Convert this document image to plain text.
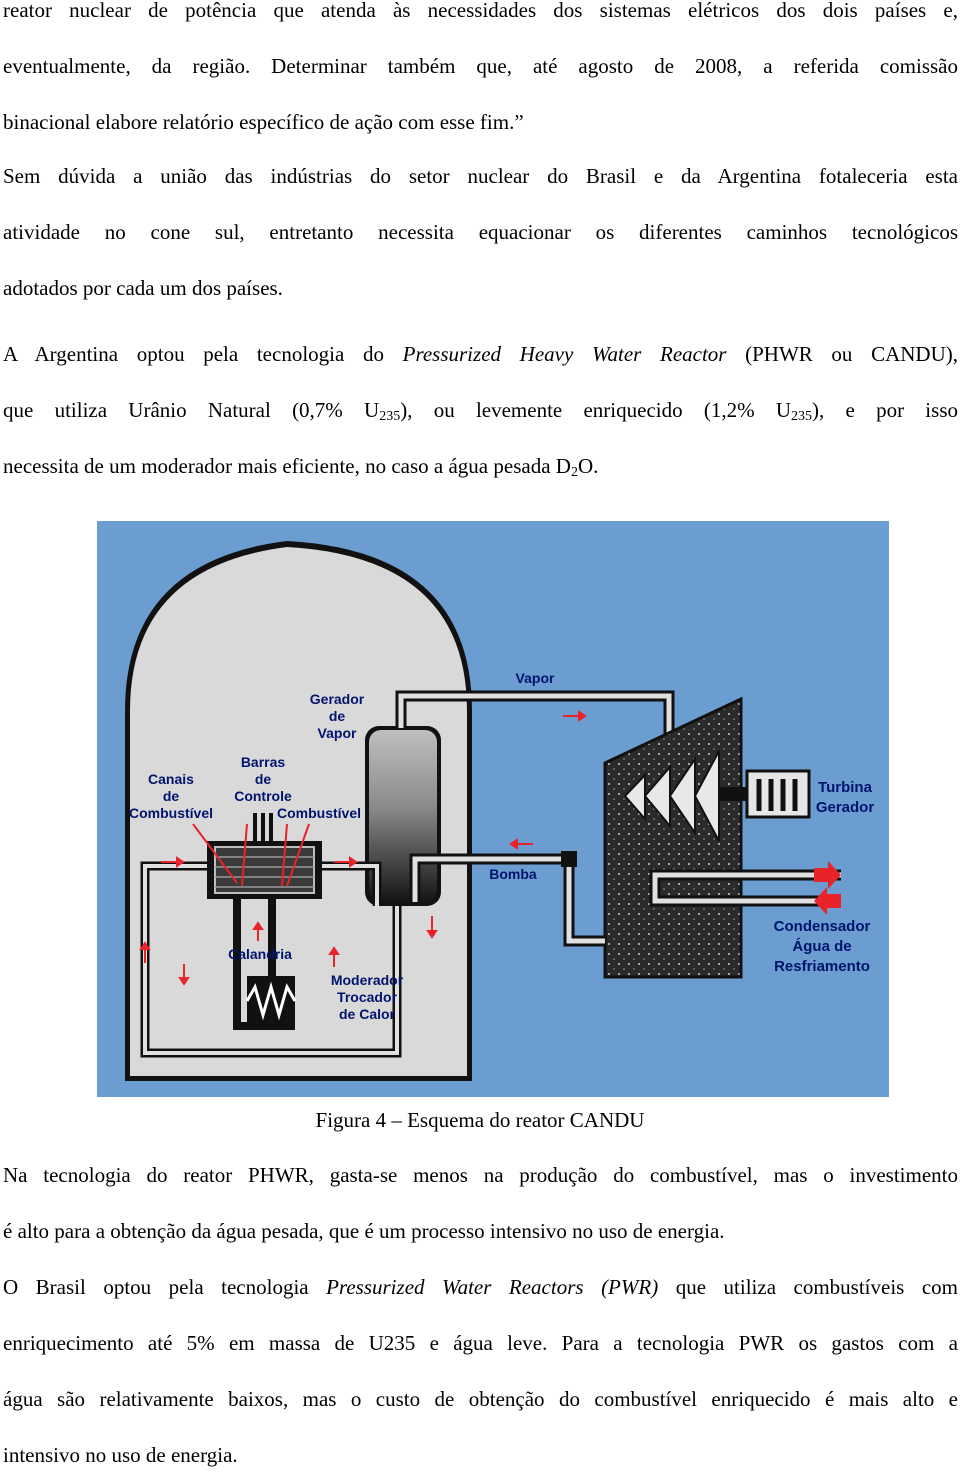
reator nuclear de potência que atenda às necessidades dos sistemas elétricos dos dois países e,
eventualmente, da região. Determinar também que, até agosto de 2008, a referida comissão
binacional elabore relatório específico de ação com esse fim.”
Sem dúvida a união das indústrias do setor nuclear do Brasil e da Argentina fotaleceria esta
atividade no cone sul, entretanto necessita equacionar os diferentes caminhos tecnológicos
adotados por cada um dos países.
A Argentina optou pela tecnologia do Pressurized Heavy Water Reactor (PHWR ou CANDU),
que utiliza Urânio Natural (0,7% $U_{235}$), ou levemente enriquecido (1,2% $U_{235}$), e por isso
necessita de um moderador mais eficiente, no caso a água pesada $D_2O$.
Vapor
Gerador
de
Vapor
Barras
de
Controle
Canais
de
Combustível	Combustível
Turbina
Gerador
Bomba
Condensador
Água de
Resfriamento
Calandria
Moderador
Trocador
de Calor
Figura 4 – Esquema do reator CANDU
Na tecnologia do reator PHWR, gasta-se menos na produção do combustível, mas o investimento
é alto para a obtenção da água pesada, que é um processo intensivo no uso de energia.
O Brasil optou pela tecnologia Pressurized Water Reactors (PWR) que utiliza combustíveis com
enriquecimento até 5% em massa de U235 e água leve. Para a tecnologia PWR os gastos com a
água são relativamente baixos, mas o custo de obtenção do combustível enriquecido é mais alto e
intensivo no uso de energia.
